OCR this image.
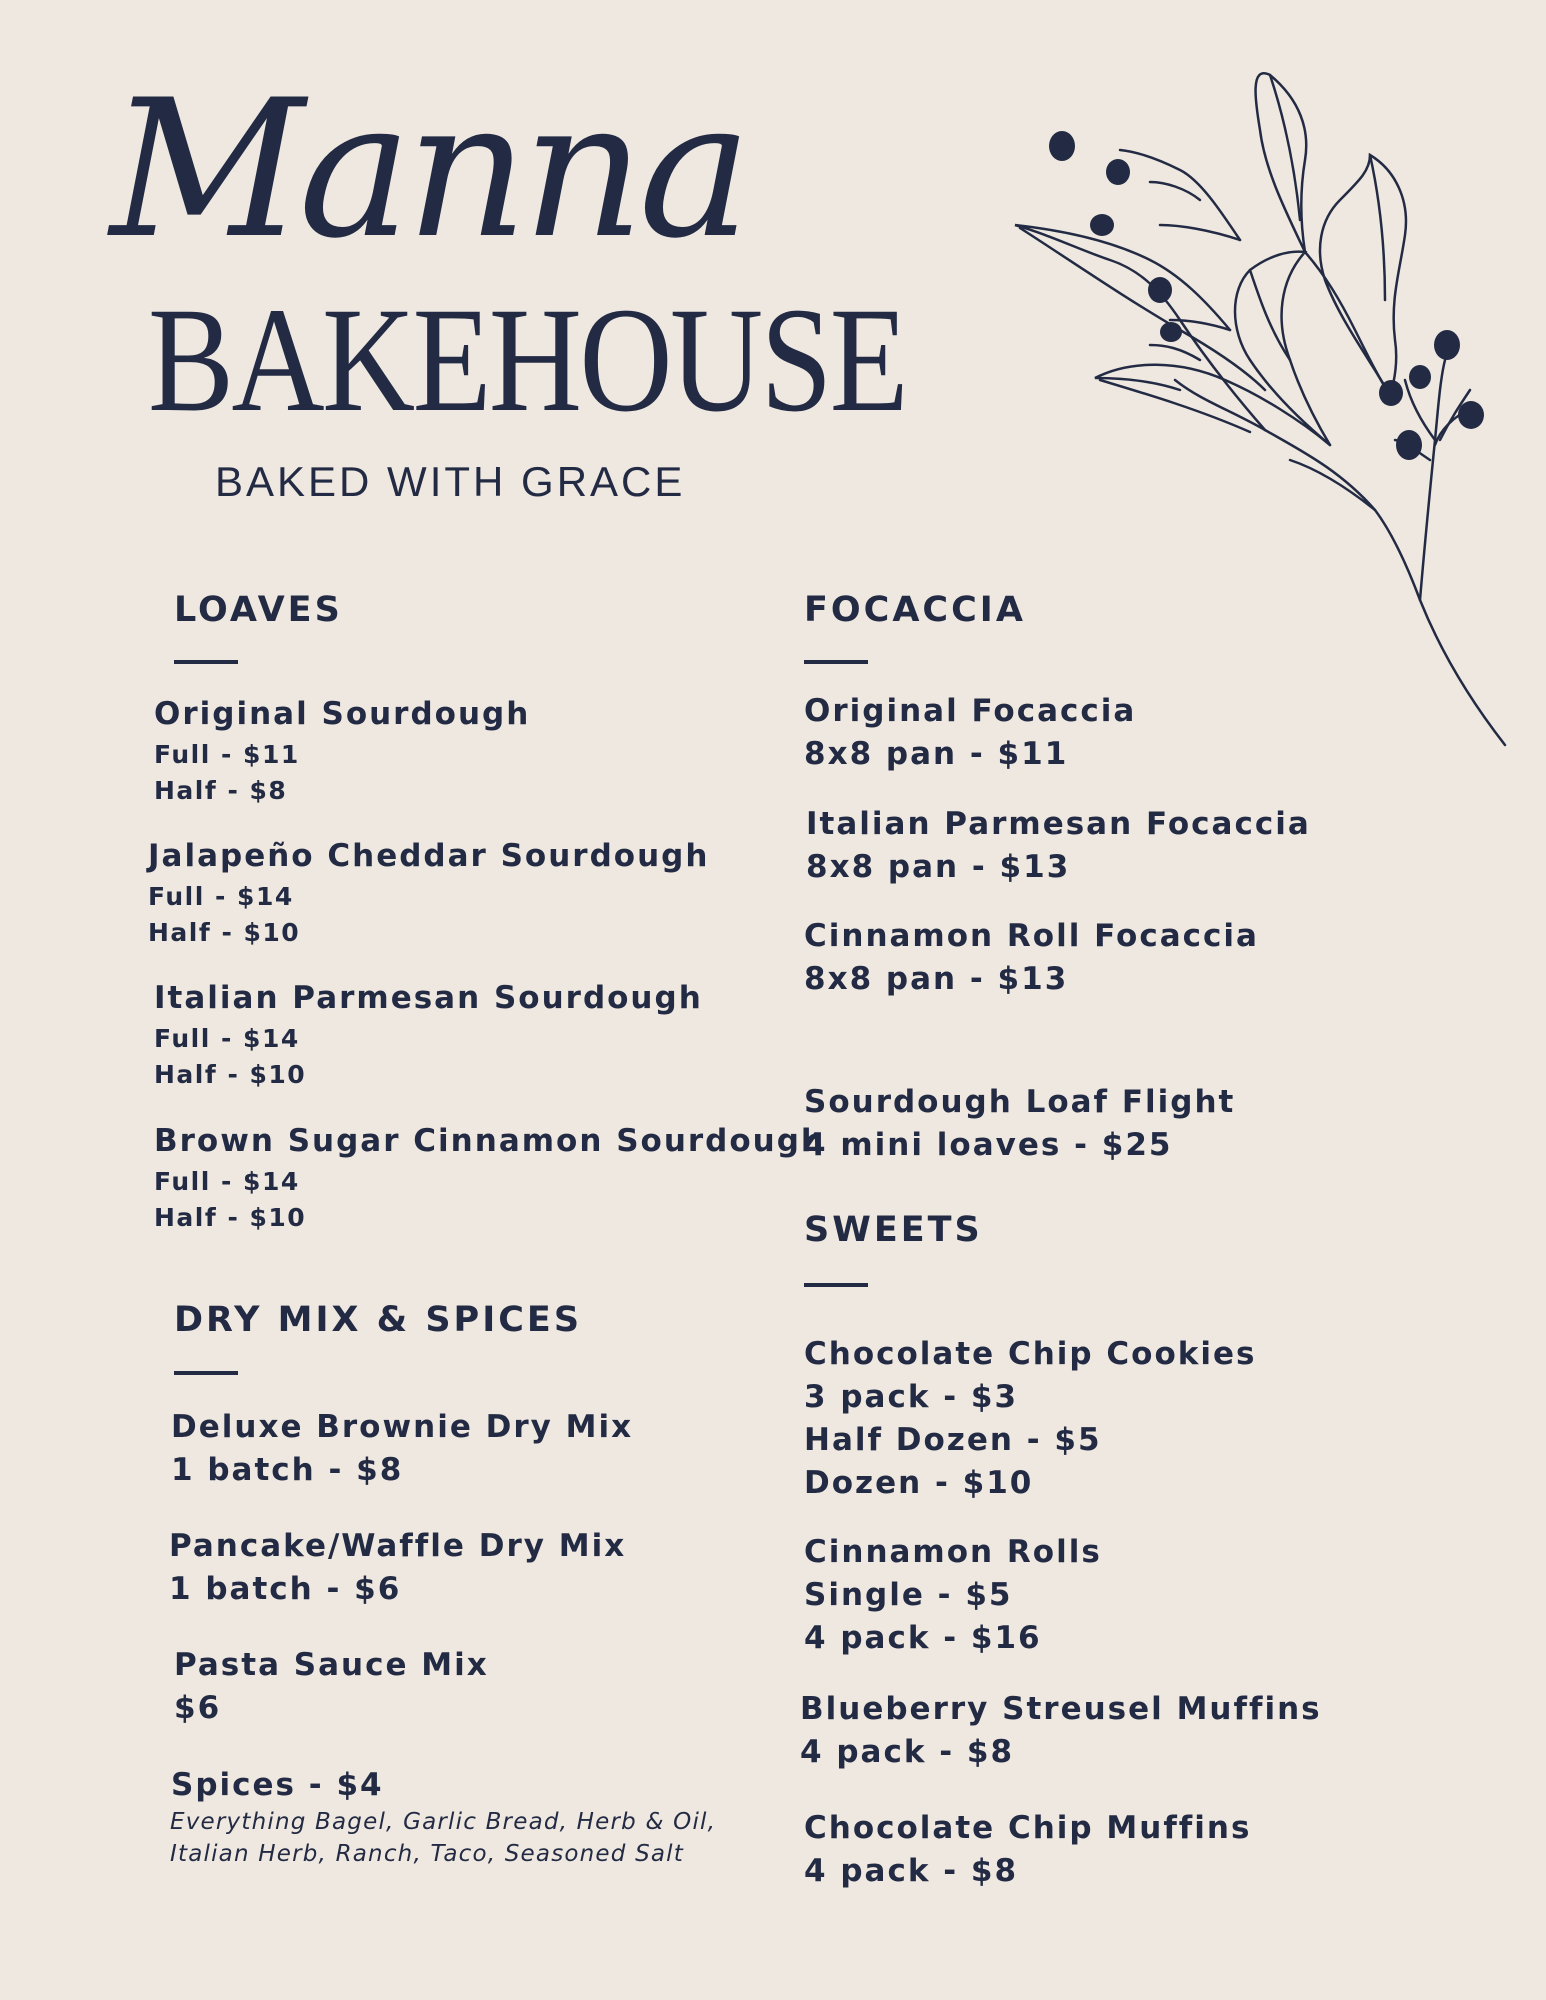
Manna
BAKEHOUSE
BAKED WITH GRACE
LOAVES
Original Sourdough
Full - $11
Half - $8
Jalapeño Cheddar Sourdough
Full - $14
Half - $10
Italian Parmesan Sourdough
Full - $14
Half - $10
Brown Sugar Cinnamon Sourdough
Full - $14
Half - $10
DRY MIX & SPICES
Deluxe Brownie Dry Mix
1 batch - $8
Pancake/Waffle Dry Mix
1 batch - $6
Pasta Sauce Mix
$6
Spices - $4
Everything Bagel, Garlic Bread, Herb & Oil,
Italian Herb, Ranch, Taco, Seasoned Salt
FOCACCIA
Original Focaccia
8x8 pan - $11
Italian Parmesan Focaccia
8x8 pan - $13
Cinnamon Roll Focaccia
8x8 pan - $13
Sourdough Loaf Flight
4 mini loaves - $25
SWEETS
Chocolate Chip Cookies
3 pack - $3
Half Dozen - $5
Dozen - $10
Cinnamon Rolls
Single - $5
4 pack - $16
Blueberry Streusel Muffins
4 pack - $8
Chocolate Chip Muffins
4 pack - $8
